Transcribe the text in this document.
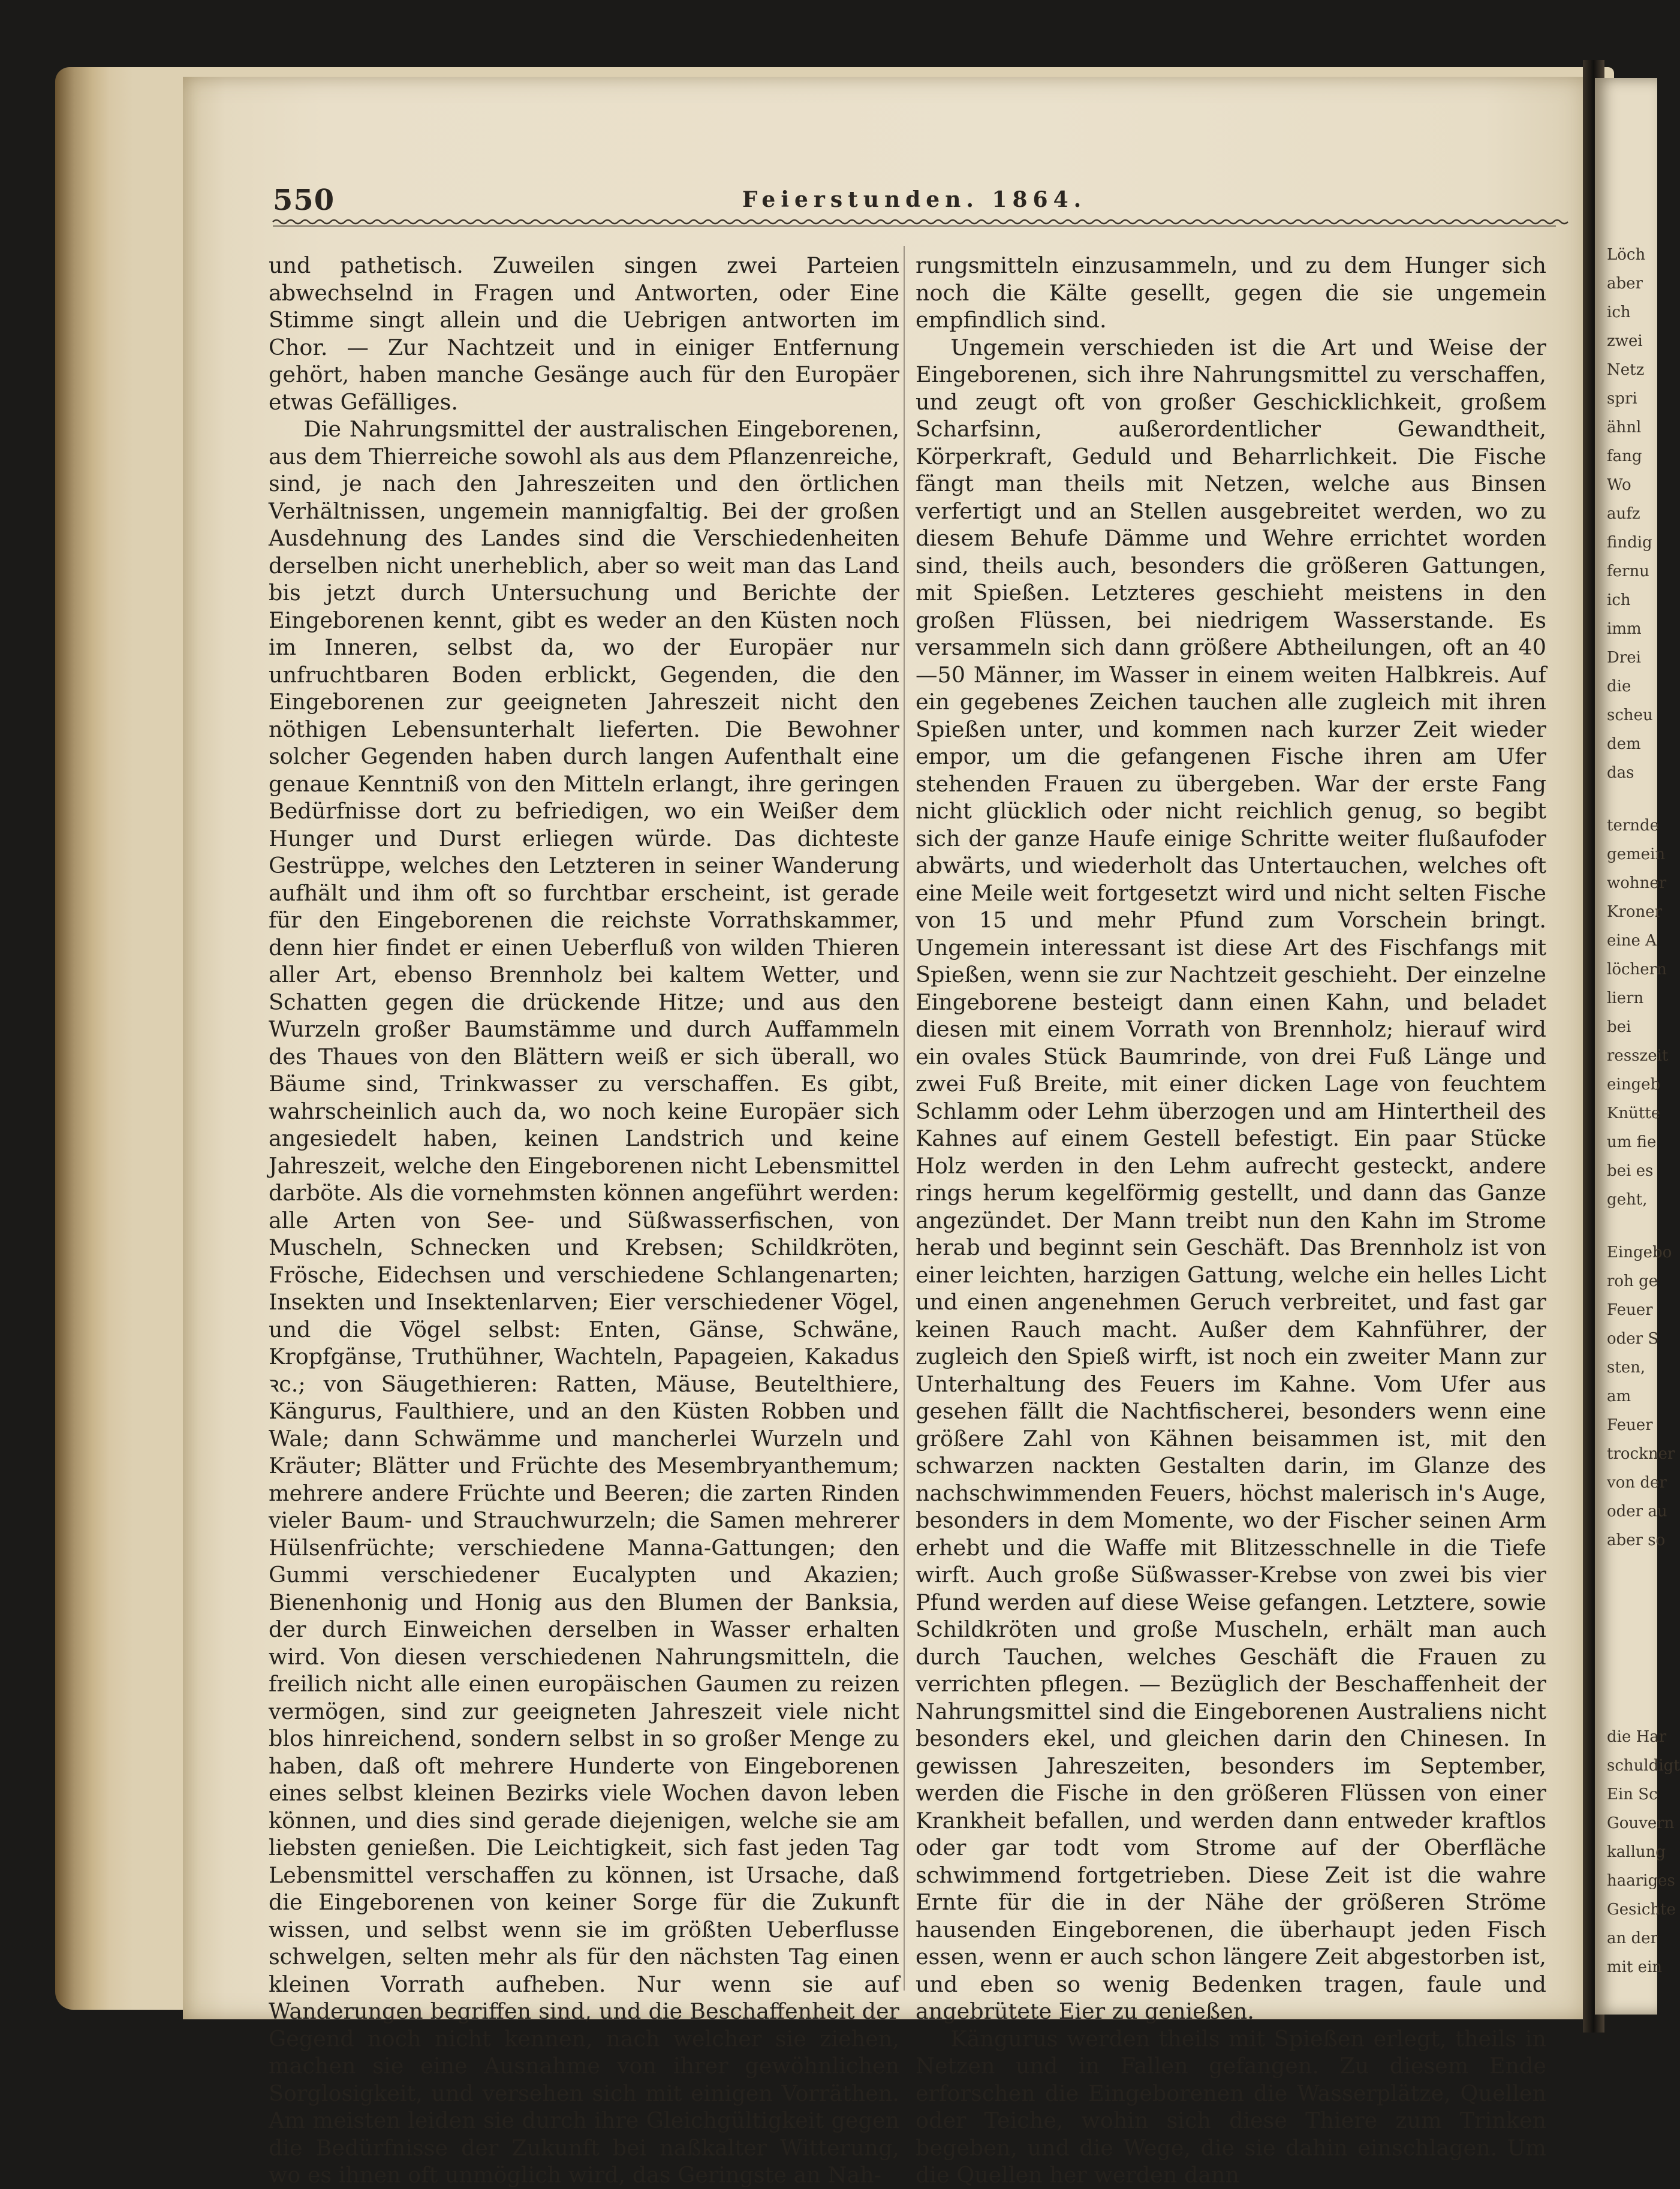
Löch
aber
ich
zwei
Netz
spri
ähnl
fang
Wo
aufz
findig
fernu
ich
imm
Drei
die
scheu
dem
das
ternde
gemein
wohner
Kroner
eine A
löchern
liern
bei
resszeit
eingeb
Knütte
um fie
bei es
geht,
Eingebo
roh ge
Feuer
oder S
sten,
am
Feuer
trockner
von der
oder au
aber so
die Har
schuldigt
Ein Sc
Gouvern
kallung
haariges
Gesichte
an der
mit ein
550	Feierstunden. 1864.

und pathetisch. Zuweilen singen zwei Parteien abwechselnd in Fragen und Antworten, oder Eine Stimme singt allein und die Uebrigen antworten im Chor. — Zur Nachtzeit und in einiger Entfernung gehört, haben manche Gesänge auch für den Europäer etwas Gefälliges.

Die Nahrungsmittel der australischen Eingeborenen, aus dem Thierreiche sowohl als aus dem Pflanzenreiche, sind, je nach den Jahreszeiten und den örtlichen Verhältnissen, ungemein mannigfaltig. Bei der großen Ausdehnung des Landes sind die Verschiedenheiten derselben nicht unerheblich, aber so weit man das Land bis jetzt durch Untersuchung und Berichte der Eingeborenen kennt, gibt es weder an den Küsten noch im Inneren, selbst da, wo der Europäer nur unfruchtbaren Boden erblickt, Gegenden, die den Eingeborenen zur geeigneten Jahreszeit nicht den nöthigen Lebensunterhalt lieferten. Die Bewohner solcher Gegenden haben durch langen Aufenthalt eine genaue Kenntniß von den Mitteln erlangt, ihre geringen Bedürfnisse dort zu befriedigen, wo ein Weißer dem Hunger und Durst erliegen würde. Das dichteste Gestrüppe, welches den Letzteren in seiner Wanderung aufhält und ihm oft so furchtbar erscheint, ist gerade für den Eingeborenen die reichste Vorrathskammer, denn hier findet er einen Ueberfluß von wilden Thieren aller Art, ebenso Brennholz bei kaltem Wetter, und Schatten gegen die drückende Hitze; und aus den Wurzeln großer Baumstämme und durch Auffammeln des Thaues von den Blättern weiß er sich überall, wo Bäume sind, Trinkwasser zu verschaffen. Es gibt, wahrscheinlich auch da, wo noch keine Europäer sich angesiedelt haben, keinen Landstrich und keine Jahreszeit, welche den Eingeborenen nicht Lebensmittel darböte. Als die vornehmsten können angeführt werden: alle Arten von See- und Süßwasserfischen, von Muscheln, Schnecken und Krebsen; Schildkröten, Frösche, Eidechsen und verschiedene Schlangenarten; Insekten und Insektenlarven; Eier verschiedener Vögel, und die Vögel selbst: Enten, Gänse, Schwäne, Kropfgänse, Truthühner, Wachteln, Papageien, Kakadus ꝛc.; von Säugethieren: Ratten, Mäuse, Beutelthiere, Kängurus, Faulthiere, und an den Küsten Robben und Wale; dann Schwämme und mancherlei Wurzeln und Kräuter; Blätter und Früchte des Mesembryanthemum; mehrere andere Früchte und Beeren; die zarten Rinden vieler Baum- und Strauchwurzeln; die Samen mehrerer Hülsenfrüchte; verschiedene Manna-Gattungen; den Gummi verschiedener Eucalypten und Akazien; Bienenhonig und Honig aus den Blumen der Banksia, der durch Einweichen derselben in Wasser erhalten wird. Von diesen verschiedenen Nahrungsmitteln, die freilich nicht alle einen europäischen Gaumen zu reizen vermögen, sind zur geeigneten Jahreszeit viele nicht blos hinreichend, sondern selbst in so großer Menge zu haben, daß oft mehrere Hunderte von Eingeborenen eines selbst kleinen Bezirks viele Wochen davon leben können, und dies sind gerade diejenigen, welche sie am liebsten genießen. Die Leichtigkeit, sich fast jeden Tag Lebensmittel verschaffen zu können, ist Ursache, daß die Eingeborenen von keiner Sorge für die Zukunft wissen, und selbst wenn sie im größten Ueberflusse schwelgen, selten mehr als für den nächsten Tag einen kleinen Vorrath aufheben. Nur wenn sie auf Wanderungen begriffen sind, und die Beschaffenheit der Gegend noch nicht kennen, nach welcher sie ziehen, machen sie eine Ausnahme von ihrer gewöhnlichen Sorglosigkeit, und versehen sich mit einigen Vorräthen. Am meisten leiden sie durch ihre Gleichgültigkeit gegen die Bedürfnisse der Zukunft bei naßkalter Witterung, wo es ihnen oft unmöglich wird, das Geringste an Nah-

rungsmitteln einzusammeln, und zu dem Hunger sich noch die Kälte gesellt, gegen die sie ungemein empfindlich sind.

Ungemein verschieden ist die Art und Weise der Eingeborenen, sich ihre Nahrungsmittel zu verschaffen, und zeugt oft von großer Geschicklichkeit, großem Scharfsinn, außerordentlicher Gewandtheit, Körperkraft, Geduld und Beharrlichkeit. Die Fische fängt man theils mit Netzen, welche aus Binsen verfertigt und an Stellen ausgebreitet werden, wo zu diesem Behufe Dämme und Wehre errichtet worden sind, theils auch, besonders die größeren Gattungen, mit Spießen. Letzteres geschieht meistens in den großen Flüssen, bei niedrigem Wasserstande. Es versammeln sich dann größere Abtheilungen, oft an 40—50 Männer, im Wasser in einem weiten Halbkreis. Auf ein gegebenes Zeichen tauchen alle zugleich mit ihren Spießen unter, und kommen nach kurzer Zeit wieder empor, um die gefangenen Fische ihren am Ufer stehenden Frauen zu übergeben. War der erste Fang nicht glücklich oder nicht reichlich genug, so begibt sich der ganze Haufe einige Schritte weiter flußaufoder abwärts, und wiederholt das Untertauchen, welches oft eine Meile weit fortgesetzt wird und nicht selten Fische von 15 und mehr Pfund zum Vorschein bringt. Ungemein interessant ist diese Art des Fischfangs mit Spießen, wenn sie zur Nachtzeit geschieht. Der einzelne Eingeborene besteigt dann einen Kahn, und beladet diesen mit einem Vorrath von Brennholz; hierauf wird ein ovales Stück Baumrinde, von drei Fuß Länge und zwei Fuß Breite, mit einer dicken Lage von feuchtem Schlamm oder Lehm überzogen und am Hintertheil des Kahnes auf einem Gestell befestigt. Ein paar Stücke Holz werden in den Lehm aufrecht gesteckt, andere rings herum kegelförmig gestellt, und dann das Ganze angezündet. Der Mann treibt nun den Kahn im Strome herab und beginnt sein Geschäft. Das Brennholz ist von einer leichten, harzigen Gattung, welche ein helles Licht und einen angenehmen Geruch verbreitet, und fast gar keinen Rauch macht. Außer dem Kahnführer, der zugleich den Spieß wirft, ist noch ein zweiter Mann zur Unterhaltung des Feuers im Kahne. Vom Ufer aus gesehen fällt die Nachtfischerei, besonders wenn eine größere Zahl von Kähnen beisammen ist, mit den schwarzen nackten Gestalten darin, im Glanze des nachschwimmenden Feuers, höchst malerisch in's Auge, besonders in dem Momente, wo der Fischer seinen Arm erhebt und die Waffe mit Blitzesschnelle in die Tiefe wirft. Auch große Süßwasser-Krebse von zwei bis vier Pfund werden auf diese Weise gefangen. Letztere, sowie Schildkröten und große Muscheln, erhält man auch durch Tauchen, welches Geschäft die Frauen zu verrichten pflegen. — Bezüglich der Beschaffenheit der Nahrungsmittel sind die Eingeborenen Australiens nicht besonders ekel, und gleichen darin den Chinesen. In gewissen Jahreszeiten, besonders im September, werden die Fische in den größeren Flüssen von einer Krankheit befallen, und werden dann entweder kraftlos oder gar todt vom Strome auf der Oberfläche schwimmend fortgetrieben. Diese Zeit ist die wahre Ernte für die in der Nähe der größeren Ströme hausenden Eingeborenen, die überhaupt jeden Fisch essen, wenn er auch schon längere Zeit abgestorben ist, und eben so wenig Bedenken tragen, faule und angebrütete Eier zu genießen.

Kängurus werden theils mit Spießen erlegt, theils in Netzen und in Fallen gefangen. Zu diesem Ende erforschen die Eingeborenen die Wasserplätze, Quellen oder Teiche, wohin sich diese Thiere zum Trinken begeben, und die Wege, die sie dahin einschlagen. Um die Quellen her werden dann
